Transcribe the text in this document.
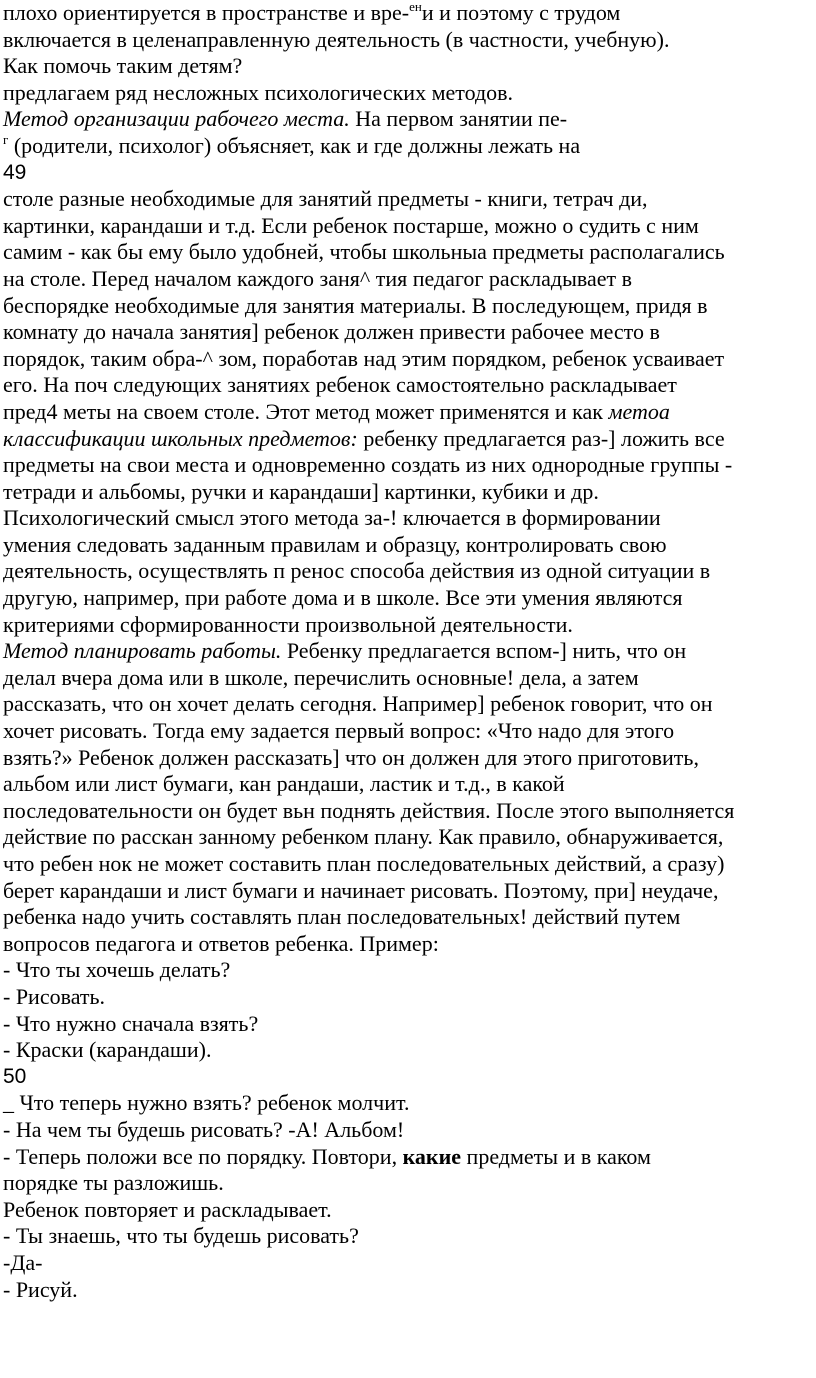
плохо ориентируется в пространстве и вре-$^{ен}$и и поэтому с трудом
включается в целенаправленную деятельность (в частности, учебную).
Как помочь таким детям?
предлагаем ряд несложных психологических методов.
Метод организации рабочего места. На первом занятии пе-
$^г$ (родители, психолог) объясняет, как и где должны лежать на
49
столе разные необходимые для занятий предметы - книги, тетрач ди,
картинки, карандаши и т.д. Если ребенок постарше, можно о судить с ним
самим - как бы ему было удобней, чтобы школьныа предметы располагались
на столе. Перед началом каждого заня^ тия педагог раскладывает в
беспорядке необходимые для занятия материалы. В последующем, придя в
комнату до начала занятия] ребенок должен привести рабочее место в
порядок, таким обра-^ зом, поработав над этим порядком, ребенок усваивает
его. На поч следующих занятиях ребенок самостоятельно раскладывает
пред4 меты на своем столе. Этот метод может применятся и как метоа
классификации школьных предметов: ребенку предлагается раз-] ложить все
предметы на свои места и одновременно создать из них однородные группы -
тетради и альбомы, ручки и карандаши] картинки, кубики и др.
Психологический смысл этого метода за-! ключается в формировании
умения следовать заданным правилам и образцу, контролировать свою
деятельность, осуществлять п ренос способа действия из одной ситуации в
другую, например, при работе дома и в школе. Все эти умения являются
критериями сформированности произвольной деятельности.
Метод планировать работы. Ребенку предлагается вспом-] нить, что он
делал вчера дома или в школе, перечислить основные! дела, а затем
рассказать, что он хочет делать сегодня. Например] ребенок говорит, что он
хочет рисовать. Тогда ему задается первый вопрос: «Что надо для этого
взять?» Ребенок должен рассказать] что он должен для этого приготовить,
альбом или лист бумаги, кан рандаши, ластик и т.д., в какой
последовательности он будет вьн поднять действия. После этого выполняется
действие по расскан занному ребенком плану. Как правило, обнаруживается,
что ребен нок не может составить план последовательных действий, а сразу)
берет карандаши и лист бумаги и начинает рисовать. Поэтому, при] неудаче,
ребенка надо учить составлять план последовательных! действий путем
вопросов педагога и ответов ребенка. Пример:
- Что ты хочешь делать?
- Рисовать.
- Что нужно сначала взять?
- Краски (карандаши).
50
_ Что теперь нужно взять? ребенок молчит.
- На чем ты будешь рисовать? -А! Альбом!
- Теперь положи все по порядку. Повтори, какие предметы и в каком
порядке ты разложишь.
Ребенок повторяет и раскладывает.
- Ты знаешь, что ты будешь рисовать?
-Да-
- Рисуй.
